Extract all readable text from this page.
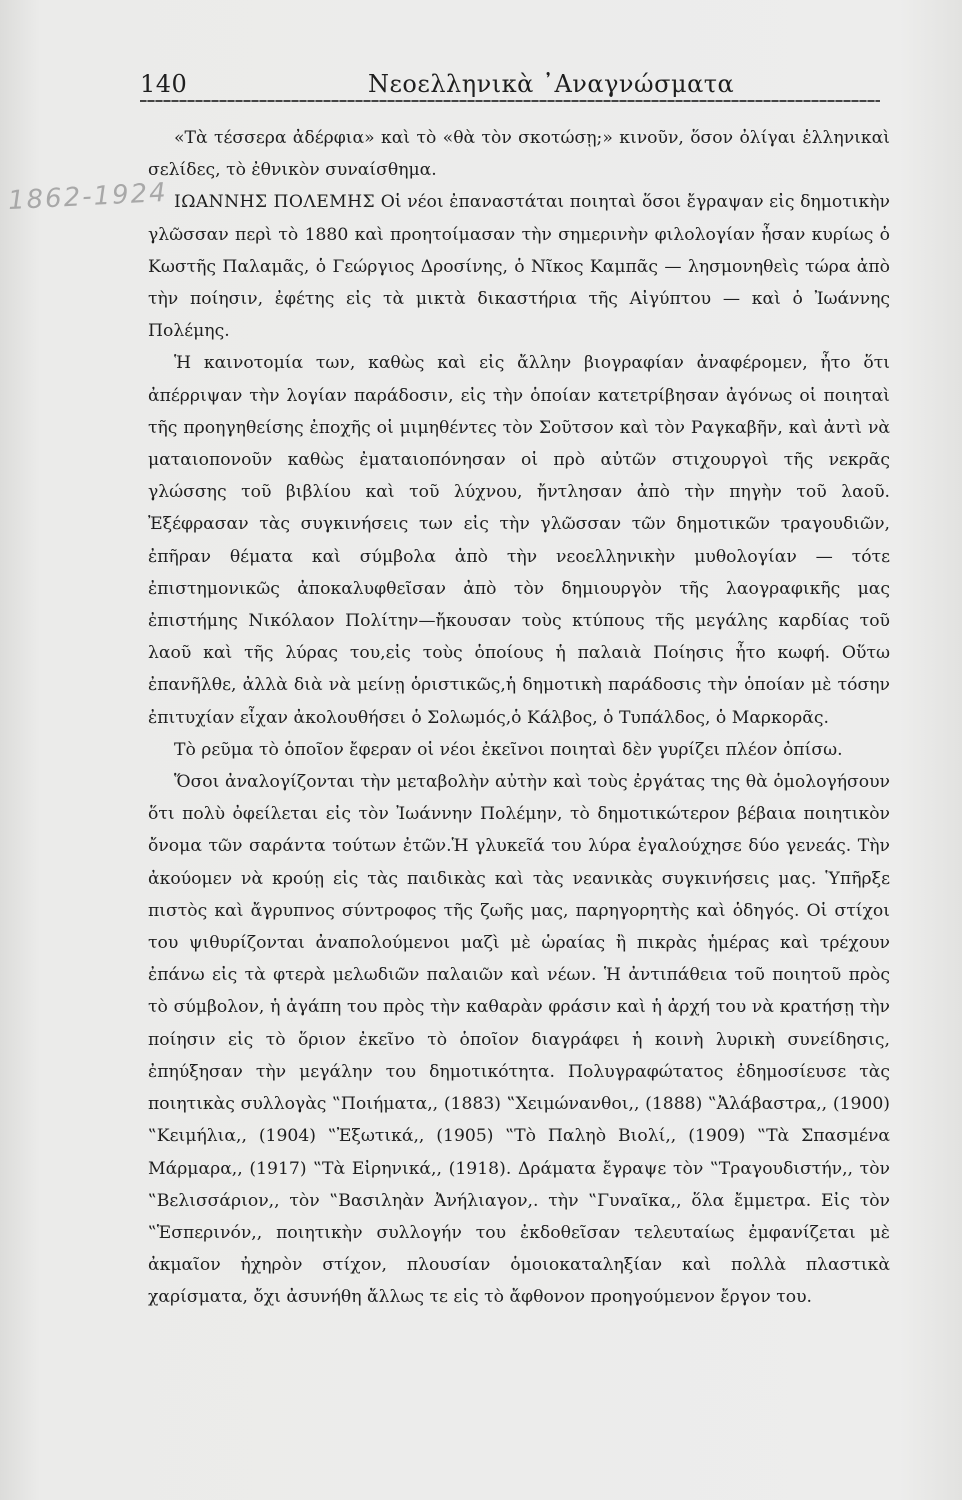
140	Νεοελληνικὰ ᾿Αναγνώσματα
1862-1924

«Τὰ τέσσερα ἀδέρφια» καὶ τὸ «θὰ τὸν σκοτώσῃ;» κινοῦν, ὅσον ὀλίγαι ἑλληνικαὶ σελίδες, τὸ ἐθνικὸν συναίσθημα.

ΙΩΑΝΝΗΣ ΠΟΛΕΜΗΣ Οἱ νέοι ἐπαναστάται ποιηταὶ ὅσοι ἔγραψαν εἰς δημοτικὴν γλῶσσαν περὶ τὸ 1880 καὶ προητοίμασαν τὴν σημερινὴν φιλολογίαν ἦσαν κυρίως ὁ Κωστῆς Παλαμᾶς, ὁ Γεώργιος Δροσίνης, ὁ Νῖκος Καμπᾶς — λησμονηθεὶς τώρα ἀπὸ τὴν ποίησιν, ἐφέτης εἰς τὰ μικτὰ δικαστήρια τῆς Αἰγύπτου — καὶ ὁ Ἰωάννης Πολέμης.

Ἡ καινοτομία των, καθὼς καὶ εἰς ἄλλην βιογραφίαν ἀναφέρομεν, ἦτο ὅτι ἀπέρριψαν τὴν λογίαν παράδοσιν, εἰς τὴν ὁποίαν κατετρίβησαν ἀγόνως οἱ ποιηταὶ τῆς προηγηθείσης ἐποχῆς οἱ μιμηθέντες τὸν Σοῦτσον καὶ τὸν Ραγκαβῆν, καὶ ἀντὶ νὰ ματαιοπονοῦν καθὼς ἐματαιοπόνησαν οἱ πρὸ αὐτῶν στιχουργοὶ τῆς νεκρᾶς γλώσσης τοῦ βιβλίου καὶ τοῦ λύχνου, ἤντλησαν ἀπὸ τὴν πηγὴν τοῦ λαοῦ. Ἐξέφρασαν τὰς συγκινήσεις των εἰς τὴν γλῶσσαν τῶν δημοτικῶν τραγουδιῶν, ἐπῆραν θέματα καὶ σύμβολα ἀπὸ τὴν νεοελληνικὴν μυθολογίαν — τότε ἐπιστημονικῶς ἀποκαλυφθεῖσαν ἀπὸ τὸν δημιουργὸν τῆς λαογραφικῆς μας ἐπιστήμης Νικόλαον Πολίτην—ἤκουσαν τοὺς κτύπους τῆς μεγάλης καρδίας τοῦ λαοῦ καὶ τῆς λύρας του,εἰς τοὺς ὁποίους ἡ παλαιὰ Ποίησις ἦτο κωφή. Οὕτω ἐπανῆλθε, ἀλλὰ διὰ νὰ μείνῃ ὁριστικῶς,ἡ δημοτικὴ παράδοσις τὴν ὁποίαν μὲ τόσην ἐπιτυχίαν εἶχαν ἀκολουθήσει ὁ Σολωμός,ὁ Κάλβος, ὁ Τυπάλδος, ὁ Μαρκορᾶς.

Τὸ ρεῦμα τὸ ὁποῖον ἔφεραν οἱ νέοι ἐκεῖνοι ποιηταὶ δὲν γυρίζει πλέον ὀπίσω.

Ὅσοι ἀναλογίζονται τὴν μεταβολὴν αὐτὴν καὶ τοὺς ἐργάτας της θὰ ὁμολογήσουν ὅτι πολὺ ὀφείλεται εἰς τὸν Ἰωάννην Πολέμην, τὸ δημοτικώτερον βέβαια ποιητικὸν ὄνομα τῶν σαράντα τούτων ἐτῶν.Ἡ γλυκεῖά του λύρα ἐγαλούχησε δύο γενεάς. Τὴν ἀκούομεν νὰ κρούῃ εἰς τὰς παιδικὰς καὶ τὰς νεανικὰς συγκινήσεις μας. Ὑπῆρξε πιστὸς καὶ ἄγρυπνος σύντροφος τῆς ζωῆς μας, παρηγορητὴς καὶ ὁδηγός. Οἱ στίχοι του ψιθυρίζονται ἀναπολούμενοι μαζὶ μὲ ὡραίας ἢ πικρὰς ἡμέρας καὶ τρέχουν ἐπάνω εἰς τὰ φτερὰ μελωδιῶν παλαιῶν καὶ νέων. Ἡ ἀντιπάθεια τοῦ ποιητοῦ πρὸς τὸ σύμβολον, ἡ ἀγάπη του πρὸς τὴν καθαρὰν φράσιν καὶ ἡ ἀρχή του νὰ κρατήσῃ τὴν ποίησιν εἰς τὸ ὅριον ἐκεῖνο τὸ ὁποῖον διαγράφει ἡ κοινὴ λυρικὴ συνείδησις, ἐπηύξησαν τὴν μεγάλην του δημοτικότητα. Πολυγραφώτατος ἐδημοσίευσε τὰς ποιητικὰς συλλογὰς ‟Ποιήματα,, (1883) ‟Χειμώνανθοι,, (1888) ‟Ἀλάβαστρα,, (1900) ‟Κειμήλια,, (1904) ‟Ἐξωτικά,, (1905) ‟Τὸ Παληὸ Βιολί,, (1909) ‟Τὰ Σπασμένα Μάρμαρα,, (1917) ‟Τὰ Εἰρηνικά,, (1918). Δράματα ἔγραψε τὸν ‟Τραγουδιστήν,, τὸν ‟Βελισσάριον,, τὸν ‟Βασιληὰν Ἀνήλιαγον,. τὴν ‟Γυναῖκα,, ὅλα ἔμμετρα. Εἰς τὸν ‟Ἑσπερινόν,, ποιητικὴν συλλογήν του ἐκδοθεῖσαν τελευταίως ἐμφανίζεται μὲ ἀκμαῖον ἠχηρὸν στίχον, πλουσίαν ὁμοιοκαταληξίαν καὶ πολλὰ πλαστικὰ χαρίσματα, ὄχι ἀσυνήθη ἄλλως τε εἰς τὸ ἄφθονον προηγούμενον ἔργον του.
